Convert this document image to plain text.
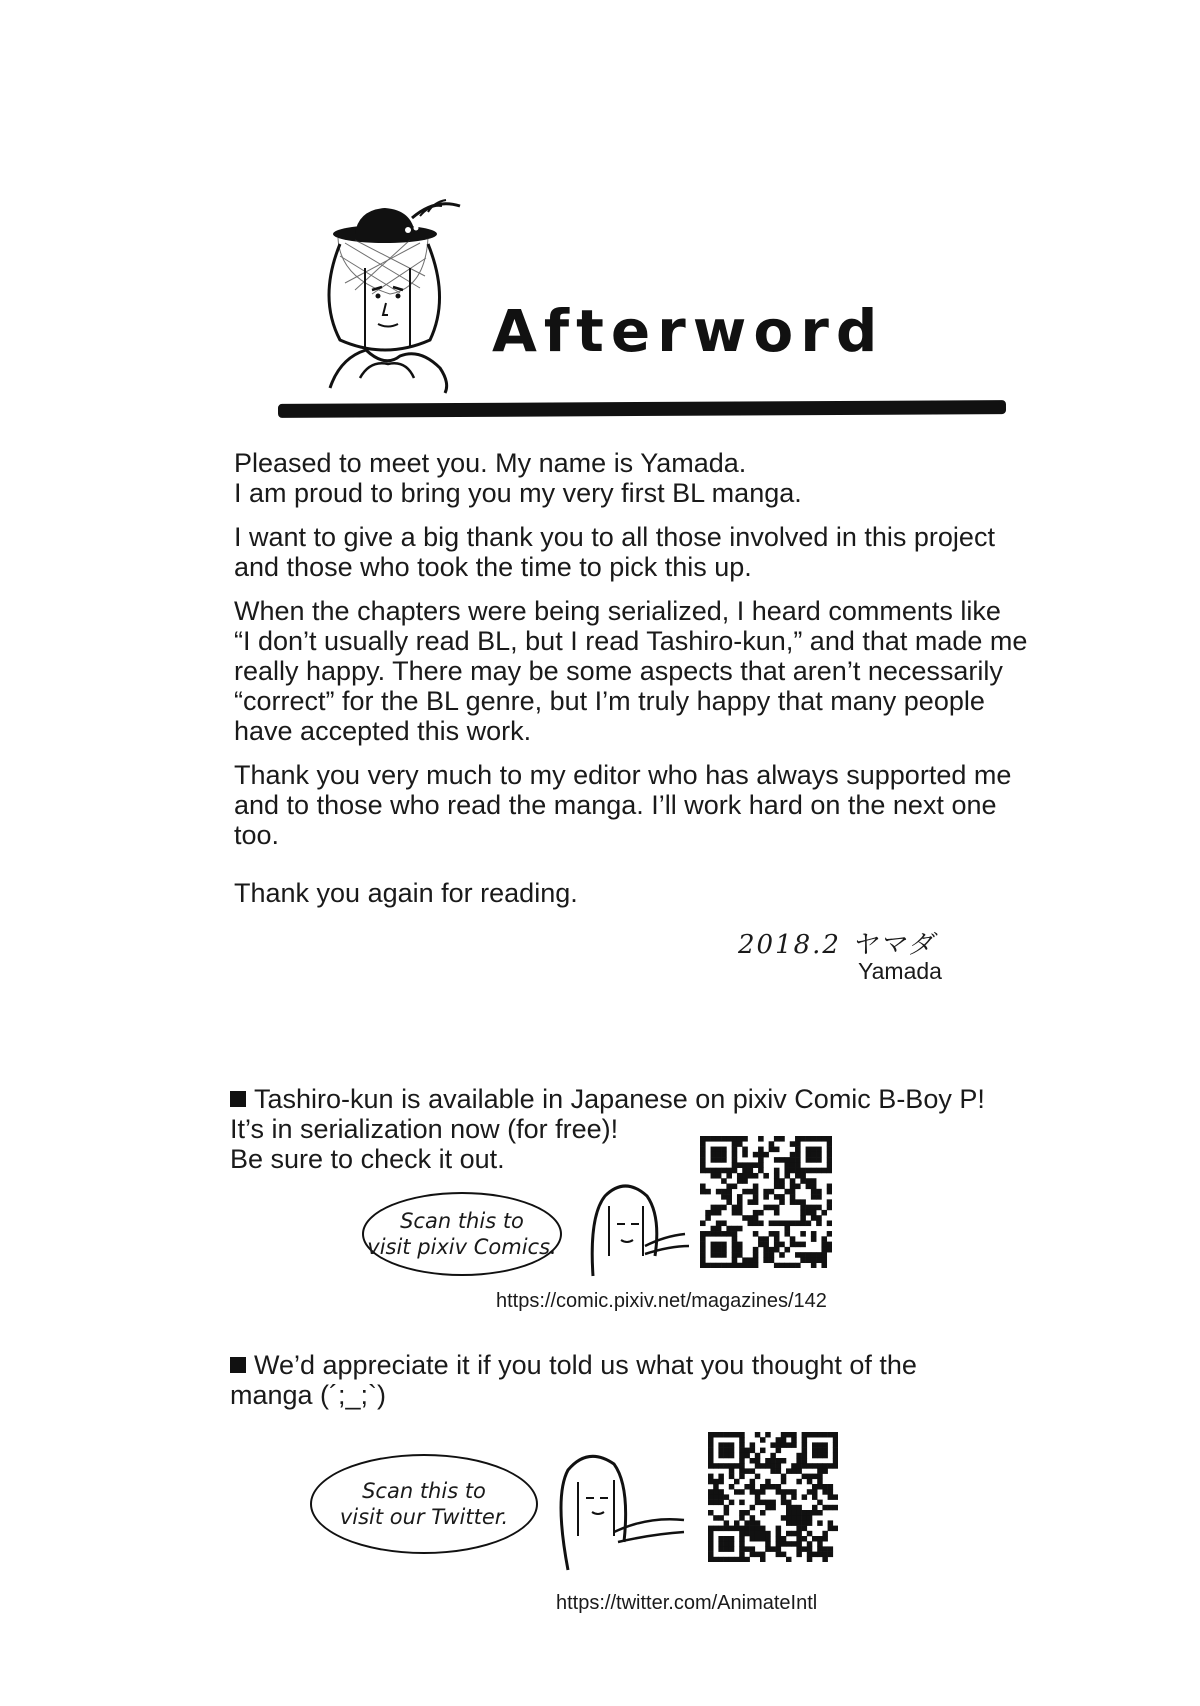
Afterword

Pleased to meet you. My name is Yamada.
I am proud to bring you my very first BL manga.

I want to give a big thank you to all those involved in this project
and those who took the time to pick this up.

When the chapters were being serialized, I heard comments like
“I don’t usually read BL, but I read Tashiro-kun,” and that made me
really happy. There may be some aspects that aren’t necessarily
“correct” for the BL genre, but I’m truly happy that many people
have accepted this work.

Thank you very much to my editor who has always supported me
and to those who read the manga. I’ll work hard on the next one too.

Thank you again for reading.

2018.2 ヤマダ
Yamada
Tashiro-kun is available in Japanese on pixiv Comic B-Boy P!
It’s in serialization now (for free)!
Be sure to check it out.
Scan this to
visit pixiv Comics.
https://comic.pixiv.net/magazines/142
We’d appreciate it if you told us what you thought of the
manga (´;_;`)
Scan this to
visit our Twitter.
https://twitter.com/AnimateIntl
